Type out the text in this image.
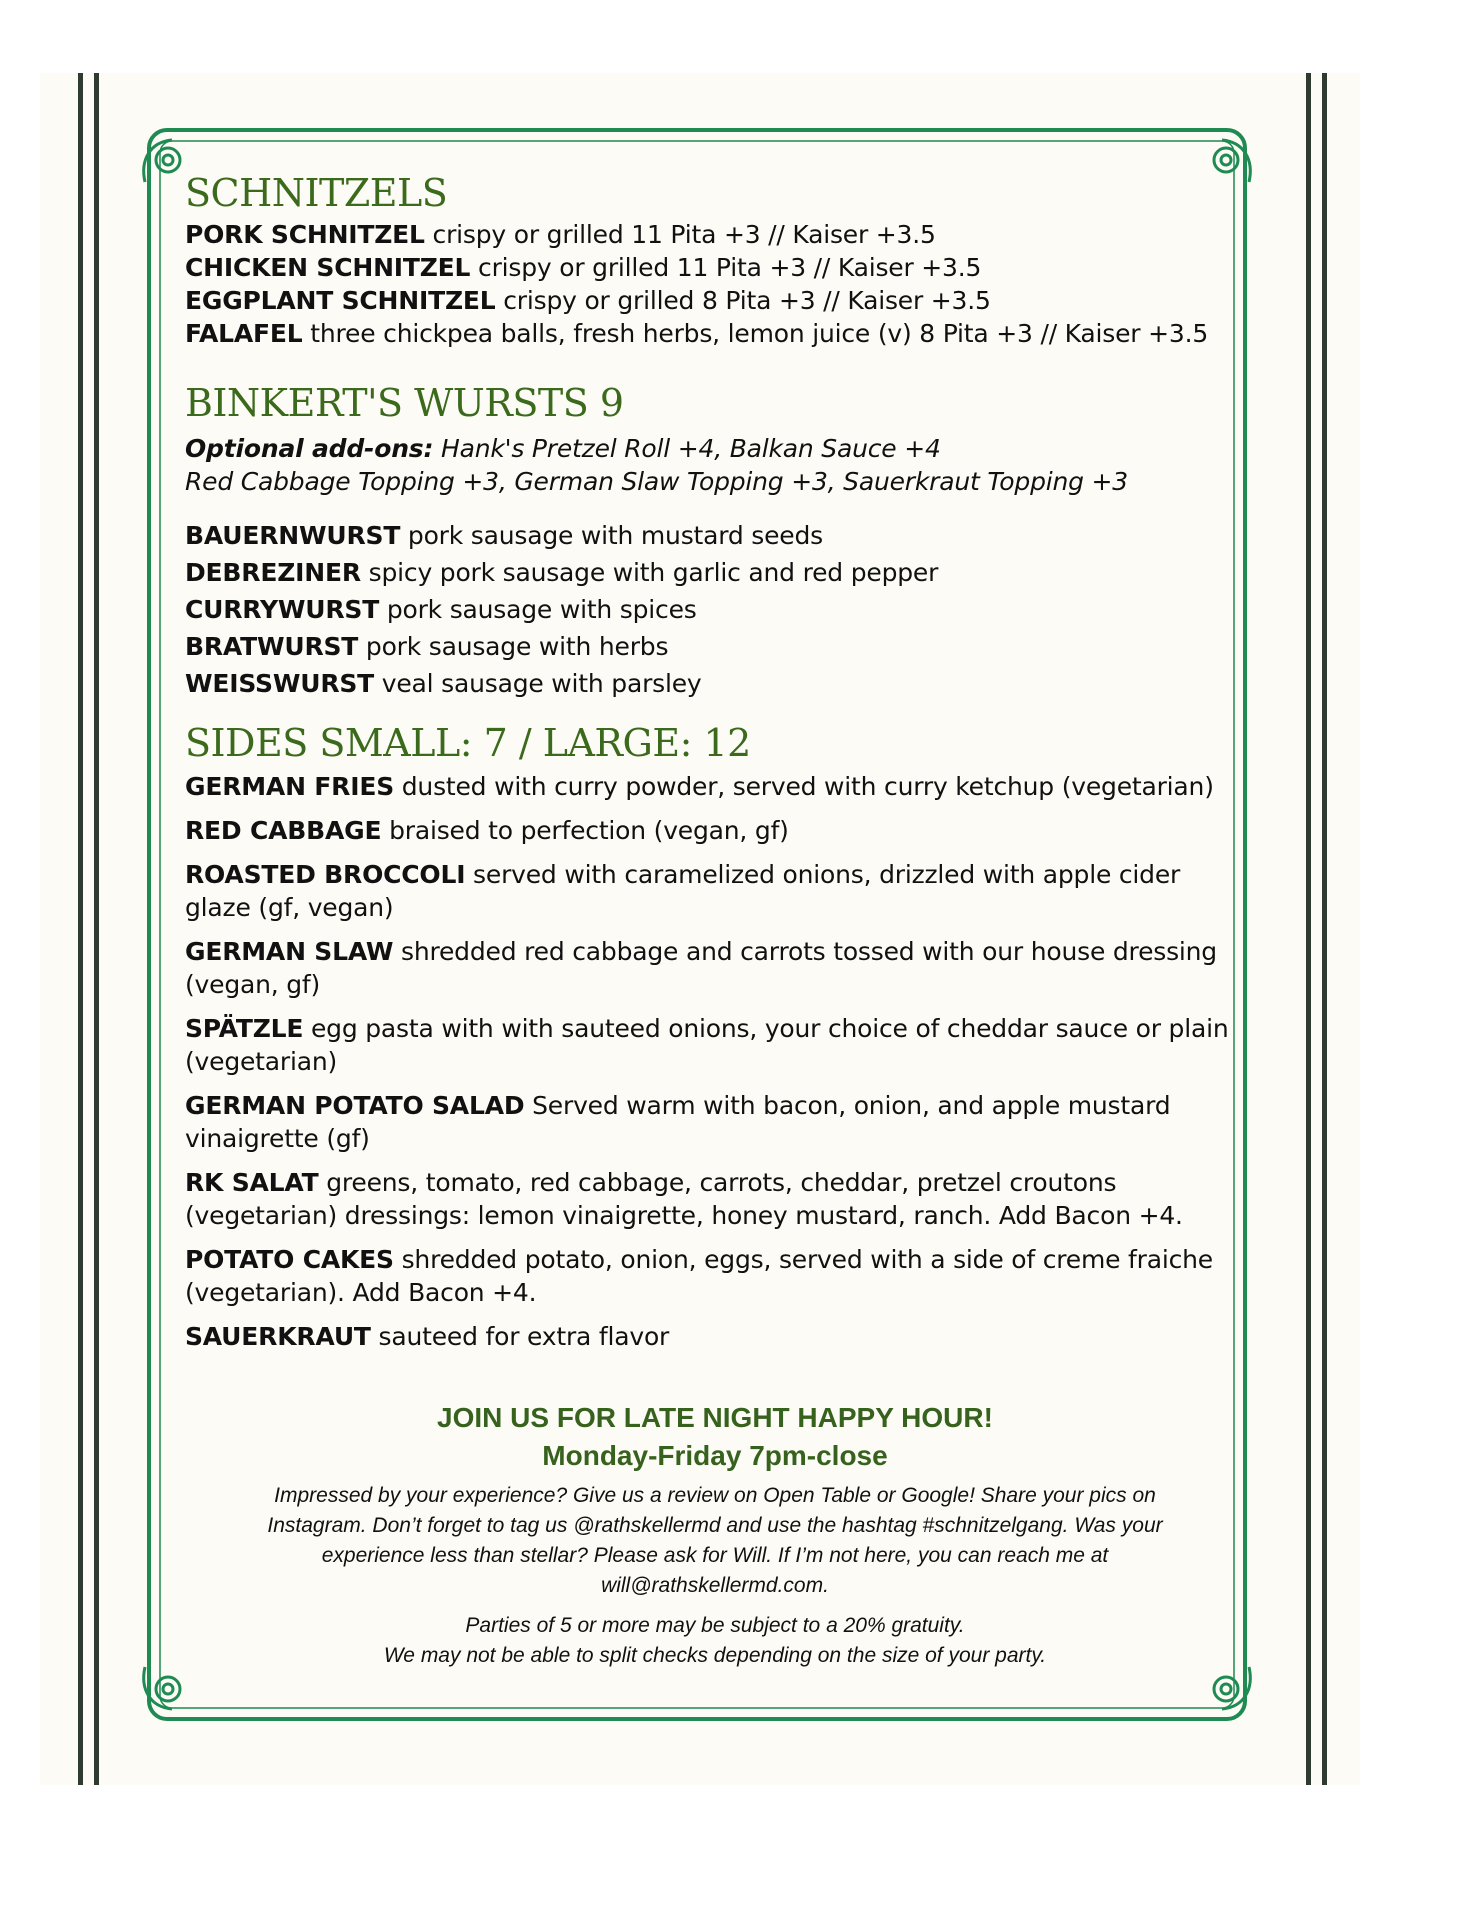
SCHNITZELS
PORK SCHNITZEL crispy or grilled 11 Pita +3 // Kaiser +3.5
CHICKEN SCHNITZEL crispy or grilled 11 Pita +3 // Kaiser +3.5
EGGPLANT SCHNITZEL crispy or grilled 8 Pita +3 // Kaiser +3.5
FALAFEL three chickpea balls, fresh herbs, lemon juice (v) 8 Pita +3 // Kaiser +3.5
BINKERT'S WURSTS 9
Optional add-ons: Hank's Pretzel Roll +4, Balkan Sauce +4
Red Cabbage Topping +3, German Slaw Topping +3, Sauerkraut Topping +3
BAUERNWURST pork sausage with mustard seeds
DEBREZINER spicy pork sausage with garlic and red pepper
CURRYWURST pork sausage with spices
BRATWURST pork sausage with herbs
WEISSWURST veal sausage with parsley
SIDES SMALL: 7 / LARGE: 12
GERMAN FRIES dusted with curry powder, served with curry ketchup (vegetarian)
RED CABBAGE braised to perfection (vegan, gf)
ROASTED BROCCOLI served with caramelized onions, drizzled with apple cider glaze (gf, vegan)
GERMAN SLAW shredded red cabbage and carrots tossed with our house dressing (vegan, gf)
SPÄTZLE egg pasta with with sauteed onions, your choice of cheddar sauce or plain (vegetarian)
GERMAN POTATO SALAD Served warm with bacon, onion, and apple mustard vinaigrette (gf)
RK SALAT greens, tomato, red cabbage, carrots, cheddar, pretzel croutons (vegetarian) dressings: lemon vinaigrette, honey mustard, ranch. Add Bacon +4.
POTATO CAKES shredded potato, onion, eggs, served with a side of creme fraiche (vegetarian). Add Bacon +4.
SAUERKRAUT sauteed for extra flavor
JOIN US FOR LATE NIGHT HAPPY HOUR!
Monday-Friday 7pm-close
Impressed by your experience? Give us a review on Open Table or Google! Share your pics on
Instagram. Don’t forget to tag us @rathskellermd and use the hashtag #schnitzelgang. Was your
experience less than stellar? Please ask for Will. If I’m not here, you can reach me at
will@rathskellermd.com.
Parties of 5 or more may be subject to a 20% gratuity.
We may not be able to split checks depending on the size of your party.
